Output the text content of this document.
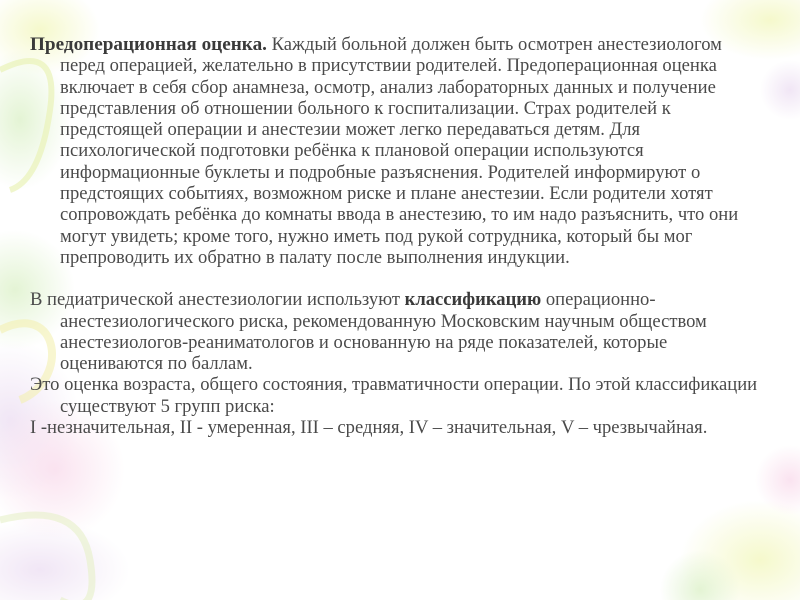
Предоперационная оценка. Каждый больной должен быть осмотрен анестезиологом перед операцией, желательно в присутствии родителей. Предоперационная оценка включает в себя сбор анамнеза, осмотр, анализ лабораторных данных и получение представления об отношении больного к госпитализации. Страх родителей к предстоящей операции и анестезии может легко передаваться детям. Для психологической подготовки ребёнка к плановой операции используются информационные буклеты и подробные разъяснения. Родителей информируют о предстоящих событиях, возможном риске и плане анестезии. Если родители хотят сопровождать ребёнка до комнаты ввода в анестезию, то им надо разъяснить, что они могут увидеть; кроме того, нужно иметь под рукой сотрудника, который бы мог препроводить их обратно в палату после выполнения индукции.

В педиатрической анестезиологии используют классификацию операционно-анестезиологического риска, рекомендованную Московским научным обществом анестезиологов-реаниматологов и основанную на ряде показателей, которые оцениваются по баллам.

Это оценка возраста, общего состояния, травматичности операции. По этой классификации существуют 5 групп риска:

I -незначительная, II - умеренная, III – средняя, IV – значительная, V – чрезвычайная.
